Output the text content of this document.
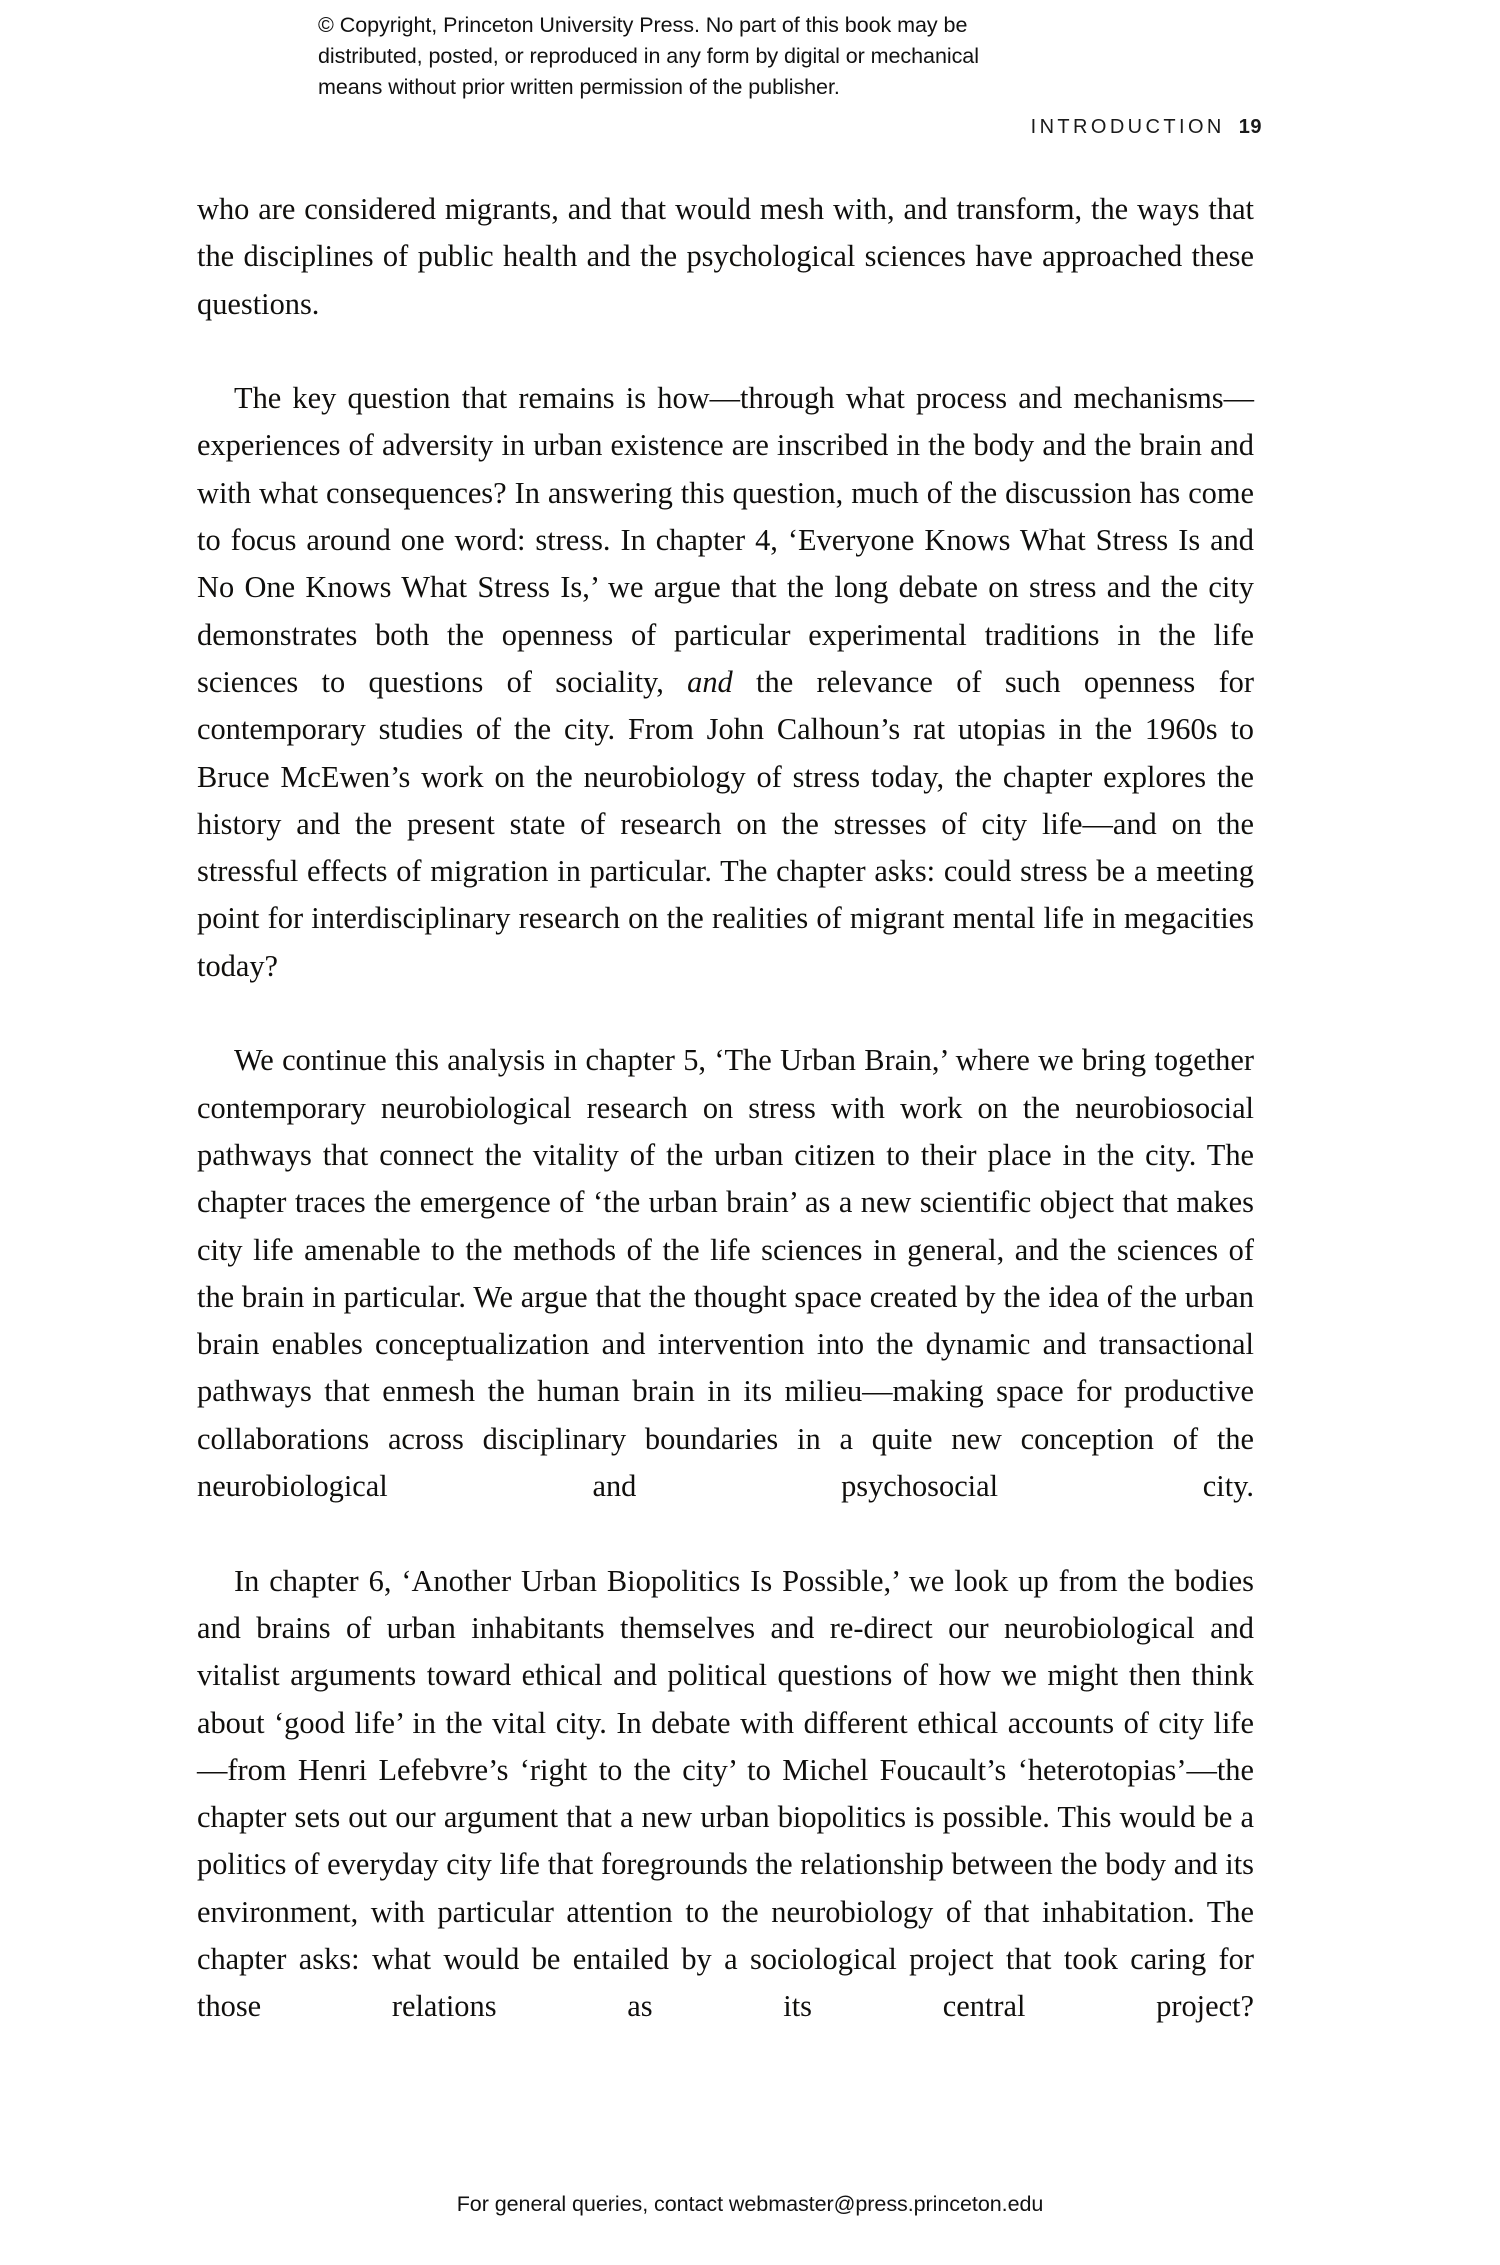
© Copyright, Princeton University Press. No part of this book may be
distributed, posted, or reproduced in any form by digital or mechanical
means without prior written permission of the publisher.
INTRODUCTION 19

who are considered migrants, and that would mesh with, and transform, the ways that the disciplines of public health and the psychological sciences have approached these questions.

The key question that remains is how—through what process and mechanisms—experiences of adversity in urban existence are inscribed in the body and the brain and with what consequences? In answering this question, much of the discussion has come to focus around one word: stress. In chapter 4, ‘Everyone Knows What Stress Is and No One Knows What Stress Is,’ we argue that the long debate on stress and the city demonstrates both the openness of particular experimental traditions in the life sciences to questions of sociality, and the relevance of such openness for contemporary studies of the city. From John Calhoun’s rat utopias in the 1960s to Bruce McEwen’s work on the neurobiology of stress today, the chapter explores the history and the present state of research on the stresses of city life—and on the stressful effects of migration in particular. The chapter asks: could stress be a meeting point for interdisciplinary research on the realities of migrant mental life in megacities today?

We continue this analysis in chapter 5, ‘The Urban Brain,’ where we bring together contemporary neurobiological research on stress with work on the neurobiosocial pathways that connect the vitality of the urban citizen to their place in the city. The chapter traces the emergence of ‘the urban brain’ as a new scientific object that makes city life amenable to the methods of the life sciences in general, and the sciences of the brain in particular. We argue that the thought space created by the idea of the urban brain enables conceptualization and intervention into the dynamic and transactional pathways that enmesh the human brain in its milieu—making space for productive collaborations across disciplinary boundaries in a quite new conception of the neurobiological and psychosocial city.

In chapter 6, ‘Another Urban Biopolitics Is Possible,’ we look up from the bodies and brains of urban inhabitants themselves and re-direct our neurobiological and vitalist arguments toward ethical and political questions of how we might then think about ‘good life’ in the vital city. In debate with different ethical accounts of city life—from Henri Lefebvre’s ‘right to the city’ to Michel Foucault’s ‘heterotopias’—the chapter sets out our argument that a new urban biopolitics is possible. This would be a politics of everyday city life that foregrounds the relationship between the body and its environment, with particular attention to the neurobiology of that inhabitation. The chapter asks: what would be entailed by a sociological project that took caring for those relations as its central project?

For general queries, contact webmaster@press.princeton.edu
